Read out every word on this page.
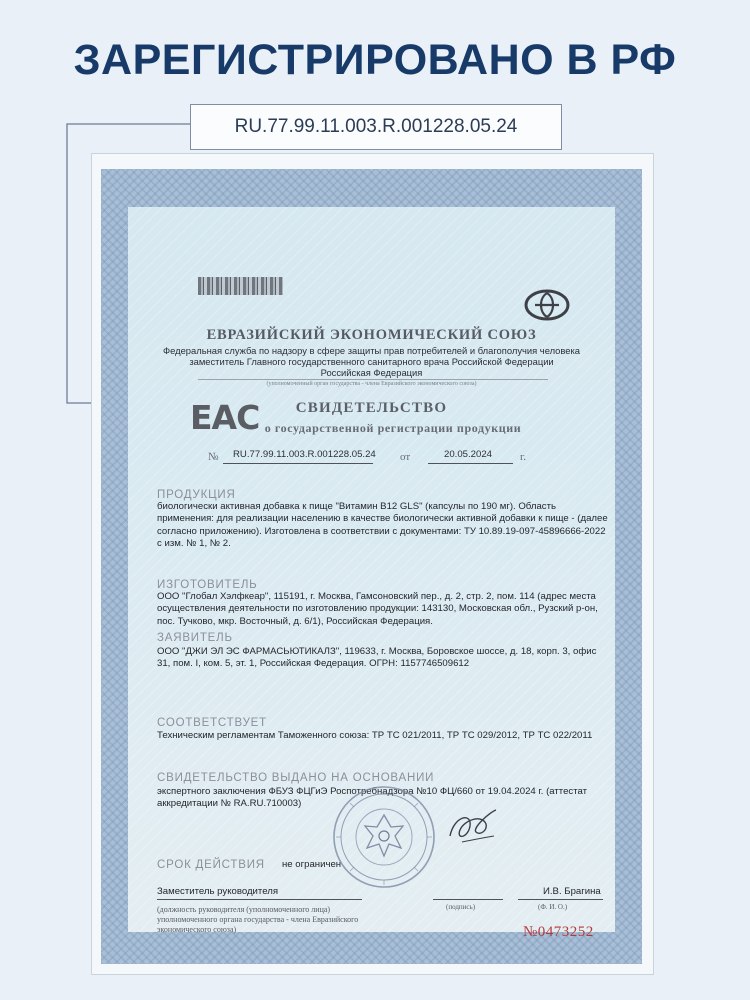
ЗАРЕГИСТРИРОВАНО В РФ
RU.77.99.11.003.R.001228.05.24
ЕВРАЗИЙСКИЙ ЭКОНОМИЧЕСКИЙ СОЮЗ
Федеральная служба по надзору в сфере защиты прав потребителей и благополучия человека
заместитель Главного государственного санитарного врача Российской Федерации
Российская Федерация
(уполномоченный орган государства - члена Евразийского экономического союза)
ЕАС	СВИДЕТЕЛЬСТВО
о государственной регистрации продукции
№ RU.77.99.11.003.R.001228.05.24 от	20.05.2024	г.
ПРОДУКЦИЯ
биологически активная добавка к пище "Витамин B12 GLS" (капсулы по 190 мг). Область применения: для реализации населению в качестве биологически активной добавки к пище - (далее согласно приложению). Изготовлена в соответствии с документами: ТУ 10.89.19-097-45896666-2022 с изм. № 1, № 2.
ИЗГОТОВИТЕЛЬ
ООО "Глобал Хэлфкеар", 115191, г. Москва, Гамсоновский пер., д. 2, стр. 2, пом. 114 (адрес места осуществления деятельности по изготовлению продукции: 143130, Московская обл., Рузский р-он, пос. Тучково, мкр. Восточный, д. 6/1), Российская Федерация.
ЗАЯВИТЕЛЬ
ООО "ДЖИ ЭЛ ЭС ФАРМАСЬЮТИКАЛЗ", 119633, г. Москва, Боровское шоссе, д. 18, корп. 3, офис 31, пом. I, ком. 5, эт. 1, Российская Федерация. ОГРН: 1157746509612
СООТВЕТСТВУЕТ
Техническим регламентам Таможенного союза: ТР ТС 021/2011, ТР ТС 029/2012, ТР ТС 022/2011
СВИДЕТЕЛЬСТВО ВЫДАНО НА ОСНОВАНИИ
экспертного заключения ФБУЗ ФЦГиЭ Роспотребнадзора №10 ФЦ/660 от 19.04.2024 г. (аттестат аккредитации № RA.RU.710003)
СРОК ДЕЙСТВИЯ не ограничен
Заместитель руководителя	И.В. Брагина
(должность руководителя (уполномоченного лица) уполномоченного органа государства - члена Евразийского экономического союза)
(подпись)	(Ф. И. О.)
№0473252
